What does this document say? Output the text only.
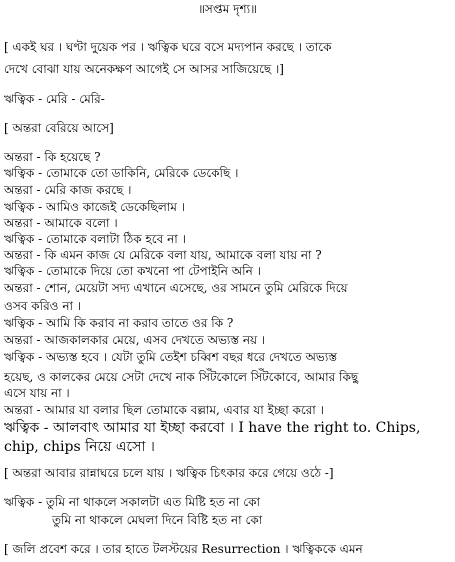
॥সপ্তম দৃশ্য॥
[ একই ঘর । ঘণ্টা দুয়েক পর । ঋত্বিক ঘরে বসে মদ্যপান করছে । তাকে
দেখে বোঝা যায় অনেকক্ষণ আগেই সে আসর সাজিয়েছে ।]
ঋত্বিক - মেরি - মেরি-
[ অন্তরা বেরিয়ে আসে]
অন্তরা - কি হয়েছে ?
ঋত্বিক - তোমাকে তো ডাকিনি, মেরিকে ডেকেছি ।
অন্তরা - মেরি কাজ করছে ।
ঋত্বিক - আমিও কাজেই ডেকেছিলাম ।
অন্তরা - আমাকে বলো ।
ঋত্বিক - তোমাকে বলাটা ঠিক হবে না ।
অন্তরা - কি এমন কাজ যে মেরিকে বলা যায়, আমাকে বলা যায় না ?
ঋত্বিক - তোমাকে দিয়ে তো কখনো পা টেপাইনি অনি ।
অন্তরা - শোন, মেয়েটা সদ্য এখানে এসেছে, ওর সামনে তুমি মেরিকে দিয়ে
ওসব করিও না ।
ঋত্বিক - আমি কি করাব না করাব তাতে ওর কি ?
অন্তরা - আজকালকার মেয়ে, এসব দেখতে অভ্যস্ত নয় ।
ঋত্বিক - অভ্যস্ত হবে । যেটা তুমি তেইশ চব্বিশ বছর ধরে দেখতে অভ্যস্ত
হয়েছ, ও কালকের মেয়ে সেটা দেখে নাক সিঁটকোলে সিঁটকোবে, আমার কিছু
এসে যায় না ।
অন্তরা - আমার যা বলার ছিল তোমাকে বল্লাম, এবার যা ইচ্ছা করো ।
ঋত্বিক - আলবাৎ আমার যা ইচ্ছা করবো । I have the right to. Chips,
chip, chips নিয়ে এসো ।
[ অন্তরা আবার রান্নাঘরে চলে যায় । ঋত্বিক চিৎকার করে গেয়ে ওঠে -]
ঋত্বিক - তুমি না থাকলে সকালটা এত মিষ্টি হত না কো
তুমি না থাকলে মেঘলা দিনে বিষ্টি হত না কো
[ জলি প্রবেশ করে । তার হাতে টলস্টয়ের Resurrection । ঋত্বিককে এমন
